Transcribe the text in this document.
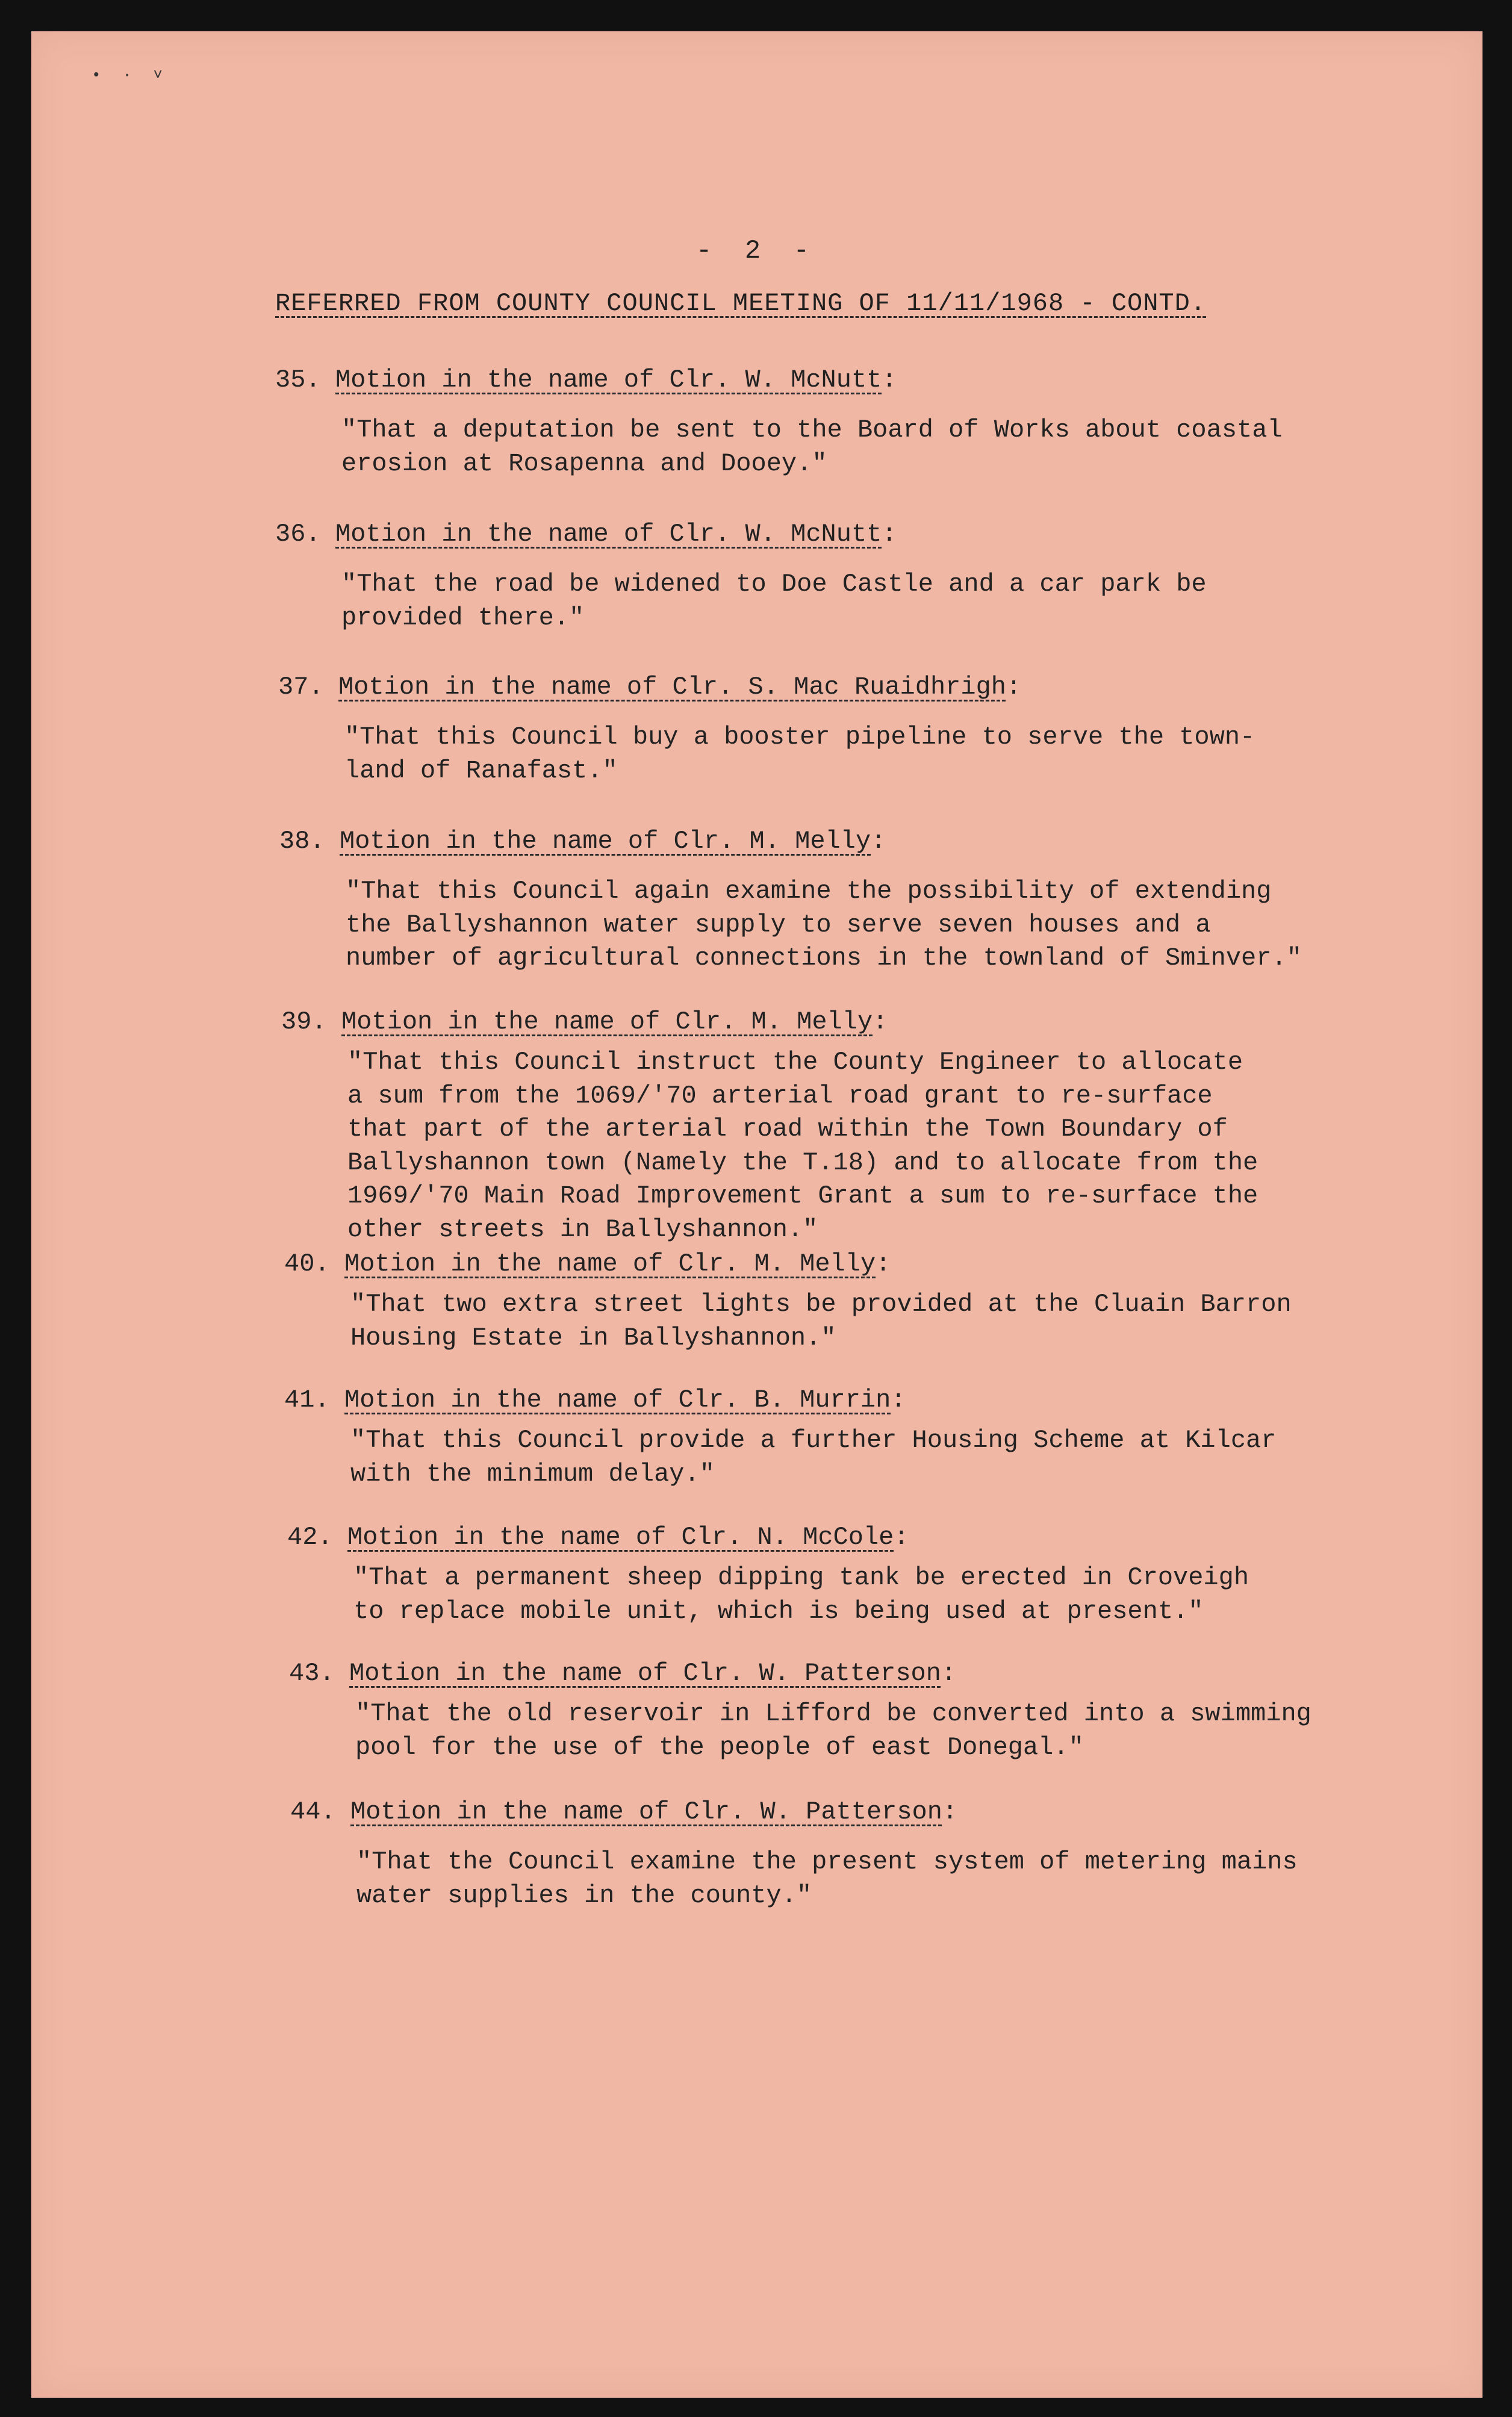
• · ˅
- 2 -
REFERRED FROM COUNTY COUNCIL MEETING OF 11/11/1968 - CONTD.
35. Motion in the name of Clr. W. McNutt:
"That a deputation be sent to the Board of Works about coastal
erosion at Rosapenna and Dooey."
36. Motion in the name of Clr. W. McNutt:
"That the road be widened to Doe Castle and a car park be
provided there."
37. Motion in the name of Clr. S. Mac Ruaidhrigh:
"That this Council buy a booster pipeline to serve the town-
land of Ranafast."
38. Motion in the name of Clr. M. Melly:
"That this Council again examine the possibility of extending
the Ballyshannon water supply to serve seven houses and a
number of agricultural connections in the townland of Sminver."
39. Motion in the name of Clr. M. Melly:
"That this Council instruct the County Engineer to allocate
a sum from the 1069/'70 arterial road grant to re-surface
that part of the arterial road within the Town Boundary of
Ballyshannon town (Namely the T.18) and to allocate from the
1969/'70 Main Road Improvement Grant a sum to re-surface the
other streets in Ballyshannon."
40. Motion in the name of Clr. M. Melly:
"That two extra street lights be provided at the Cluain Barron
Housing Estate in Ballyshannon."
41. Motion in the name of Clr. B. Murrin:
"That this Council provide a further Housing Scheme at Kilcar
with the minimum delay."
42. Motion in the name of Clr. N. McCole:
"That a permanent sheep dipping tank be erected in Croveigh
to replace mobile unit, which is being used at present."
43. Motion in the name of Clr. W. Patterson:
"That the old reservoir in Lifford be converted into a swimming
pool for the use of the people of east Donegal."
44. Motion in the name of Clr. W. Patterson:
"That the Council examine the present system of metering mains
water supplies in the county."
